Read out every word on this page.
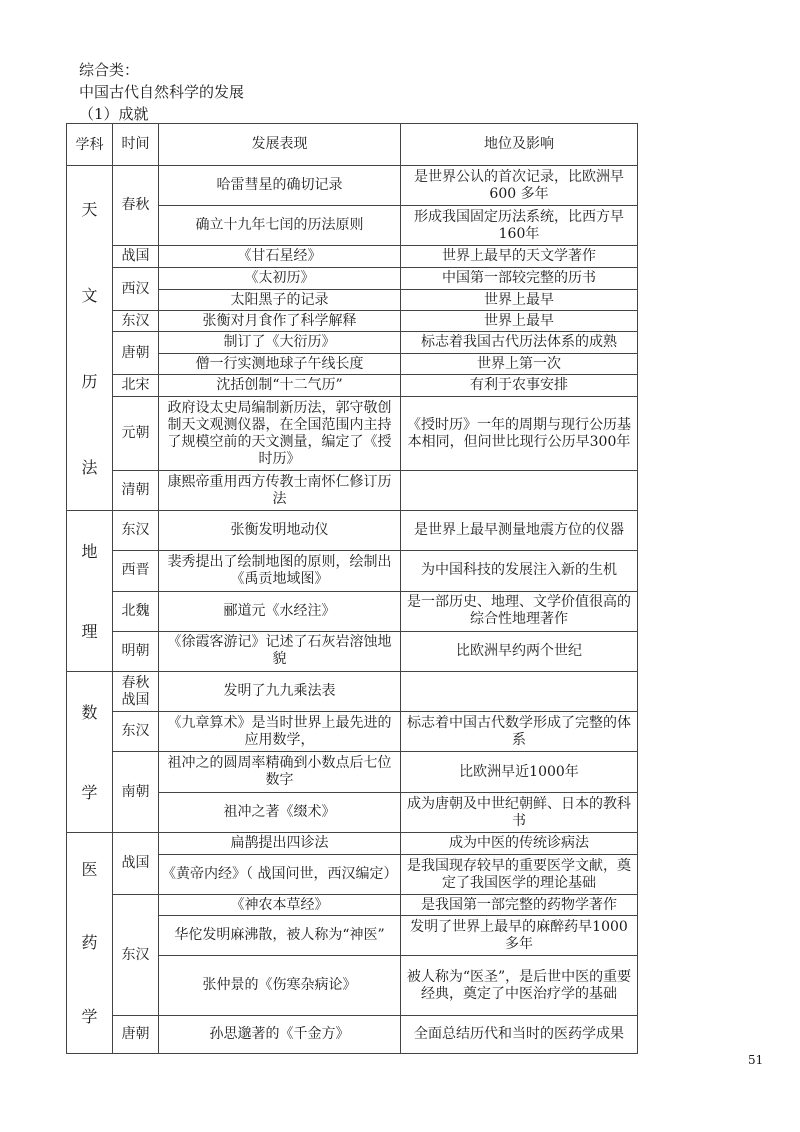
综合类：
中国古代自然科学的发展
（1）成就
学科	时间	发展表现	地位及影响

天
文
历
法	春秋	哈雷彗星的确切记录	是世界公认的首次记录，比欧洲早600 多年
		确立十九年七闰的历法原则	形成我国固定历法系统，比西方早160年
	战国	《甘石星经》	世界上最早的天文学著作
	西汉	《太初历》	中国第一部较完整的历书
		太阳黑子的记录	世界上最早
	东汉	张衡对月食作了科学解释	世界上最早
	唐朝	制订了《大衍历》	标志着我国古代历法体系的成熟
		僧一行实测地球子午线长度	世界上第一次
	北宋	沈括创制“十二气历”	有利于农事安排
	元朝	政府设太史局编制新历法，郭守敬创制天文观测仪器，在全国范围内主持了规模空前的天文测量，编定了《授时历》	《授时历》一年的周期与现行公历基本相同，但问世比现行公历早300年
	清朝	康熙帝重用西方传教士南怀仁修订历法	

地
理	东汉	张衡发明地动仪	是世界上最早测量地震方位的仪器
	西晋	裴秀提出了绘制地图的原则，绘制出《禹贡地域图》	为中国科技的发展注入新的生机
	北魏	郦道元《水经注》	是一部历史、地理、文学价值很高的综合性地理著作
	明朝	《徐霞客游记》记述了石灰岩溶蚀地貌	比欧洲早约两个世纪

数
学	春秋战国	发明了九九乘法表	
	东汉	《九章算术》是当时世界上最先进的应用数学，	标志着中国古代数学形成了完整的体系
	南朝	祖冲之的圆周率精确到小数点后七位数字	比欧洲早近1000年
		祖冲之著《缀术》	成为唐朝及中世纪朝鲜、日本的教科书

医
药
学	战国	扁鹊提出四诊法	成为中医的传统诊病法
		《黄帝内经》（ 战国问世，西汉编定）	是我国现存较早的重要医学文献，奠定了我国医学的理论基础
	东汉	《神农本草经》	是我国第一部完整的药物学著作
		华佗发明麻沸散，被人称为“神医”	发明了世界上最早的麻醉药早1000 多年
		张仲景的《伤寒杂病论》	被人称为“医圣”，是后世中医的重要经典，奠定了中医治疗学的基础
	唐朝	孙思邈著的《千金方》	全面总结历代和当时的医药学成果
51
